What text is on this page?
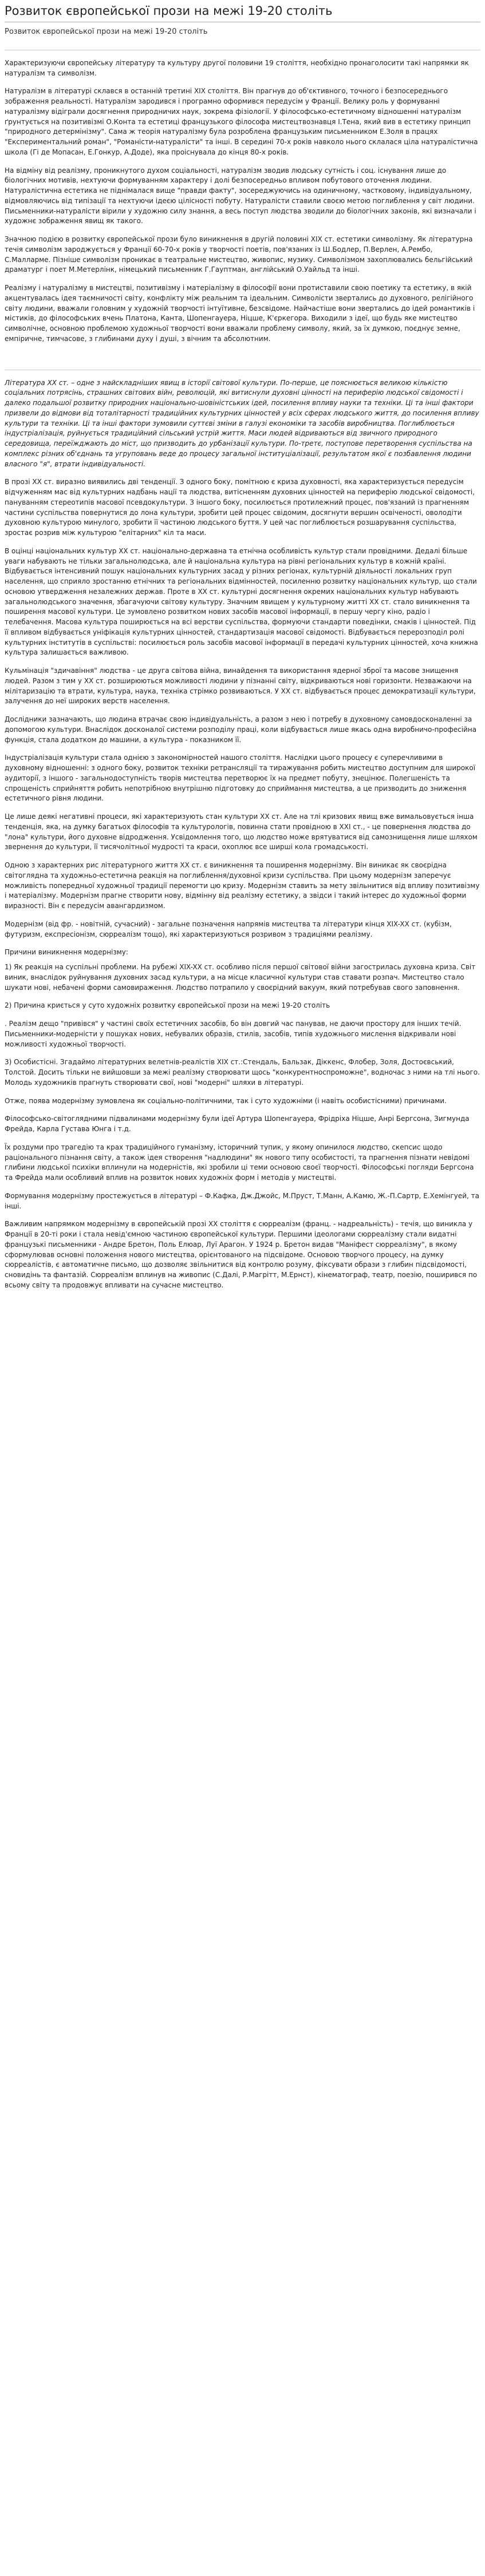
Розвиток європейської прози на межі 19-20 століть

Розвиток європейської прози на межі 19-20 століть

Характеризуючи європейську літературу та культуру другої половини 19 століття, необхідно пронаголосити такі напрямки як натуралізм та символізм.

Натуралізм в літературі склався в останній третині XIX століття. Він прагнув до об'єктивного, точного і безпосереднього зображення реальності. Натуралізм зародився і програмно оформився передусім у Франції. Велику роль у формуванні натуралізму відіграли досягнення природничих наук, зокрема фізіології. У філософсько-естетичному відношенні натуралізм ґрунтується на позитивізмі О.Конта та естетиці французького філософа мистецтвознавця І.Тена, який вив в естетику принцип "природного детермінізму". Сама ж теорія натуралізму була розроблена французьким письменником Е.Золя в працях "Експериментальний роман", "Романісти-натуралісти" та інші. В середині 70-х років навколо нього склалася ціла натуралістична школа (Гі де Мопасан, Е.Гонкур, А.Доде), яка проіснувала до кінця 80-х років.

На відміну від реалізму, проникнутого духом соціальності, натуралізм зводив людську сутність і соц. існування лише до біологічних мотивів, нехтуючи формуванням характеру і долі безпосередньо впливом побутового оточення людини. Натуралістична естетика не піднімалася вище "правди факту", зосереджуючись на одиничному, частковому, індивідуальному, відмовляючись від типізації та нехтуючи ідеєю цілісності побуту. Натуралісти ставили своєю метою поглиблення у світ людини. Письменники-натуралісти вірили у художню силу знання, а весь поступ людства зводили до біологічних законів, які визначали і художнє зображення явищ як такого.

Значною подією в розвитку європейської прози було виникнення в другій половині XIX ст. естетики символізму. Як літературна течія символізм зароджується у Франції 60-70-х років у творчості поетів, пов'язаних із Ш.Бодлер, П.Верлен, А.Рембо, С.Малларме. Пізніше символізм проникає в театральне мистецтво, живопис, музику. Символізмом захоплювались бельгійський драматург і поет М.Метерлінк, німецький письменник Г.Гауптман, англійський О.Уайльд та інші.

Реалізму і натуралізму в мистецтві, позитивізму і матеріалізму в філософії вони протиставили свою поетику та естетику, в якій акцентувалась ідея таємничості світу, конфлікту між реальним та ідеальним. Символісти звертались до духовного, релігійного світу людини, вважали головним у художній творчості інтуїтивне, безсвідоме. Найчастіше вони звертались до ідей романтиків і містиків, до філософських вчень Платона, Канта, Шопенгауера, Ніцше, К'єркегора. Виходили з ідеї, що будь яке мистецтво символічне, основною проблемою художньої творчості вони вважали проблему символу, який, за їх думкою, поєднує земне, емпіричне, тимчасове, з глибинами духу і душі, з вічним та абсолютним.

Література XX ст. – одне з найскладніших явищ в історії світової культури. По-перше, це пояснюється великою кількістю соціальних потрясінь, страшних світових війн, революцій, які витиснули духовні цінності на периферію людської свідомості і далеко подальшої розвитку природних національно-шовіністських ідей, посилення впливу науки та техніки. Ці та інші фактори призвели до відмови від тоталітарності традиційних культурних цінностей у всіх сферах людського життя, до посилення впливу культури та техніки. Ці та інші фактори зумовили суттєві зміни в галузі економіки та засобів виробництва. Поглиблюється індустріалізація, руйнується традиційний сільський устрій життя. Маси людей відриваються від звичного природного середовища, переїжджають до міст, що призводить до урбанізації культури. По-третє, поступове перетворення суспільства на комплекс різних об'єднань та угруповань веде до процесу загальної інституціалізації, результатом якої є позбавлення людини власного "я", втрати індивідуальності.

В прозі XX ст. виразно виявились дві тенденції. З одного боку, помітною є криза духовності, яка характеризується передусім відчуженням мас від культурних надбань нації та людства, витісненням духовних цінностей на периферію людської свідомості, пануванням стереотипів масової псевдокультури. З іншого боку, посилюється протилежний процес, пов'язаний із прагненням частини суспільства повернутися до лона культури, зробити цей процес свідомим, досягнути вершин освіченості, оволодіти духовною культурою минулого, зробити її частиною людського буття. У цей час поглиблюється розшарування суспільства, зростає розрив між культурою "елітарних" кіл та маси.

В оцінці національних культур XX ст. національно-державна та етнічна особливість культур стали провідними. Дедалі більше уваги набувають не тільки загальнолюдська, але й національна культура на рівні регіональних культур в кожній країні. Відбувається інтенсивний пошук національних культурних засад у різних регіонах, культурній діяльності локальних груп населення, що сприяло зростанню етнічних та регіональних відмінностей, посиленню розвитку національних культур, що стали основою утвердження незалежних держав. Проте в XX ст. культурні досягнення окремих національних культур набувають загальнолюдського значення, збагачуючи світову культуру. Значним явищем у культурному житті ХХ ст. стало виникнення та поширення масової культури. Це зумовлено розвитком нових засобів масової інформації, в першу чергу кіно, радіо і телебачення. Масова культура поширюється на всі верстви суспільства, формуючи стандарти поведінки, смаків і цінностей. Під її впливом відбувається уніфікація культурних цінностей, стандартизація масової свідомості. Відбувається перерозподіл ролі культурних інститутів в суспільстві: посилюється роль засобів масової інформації в передачі культурних цінностей, хоча книжна культура залишається важливою.

Кульмінація "здичавіння" людства - це друга світова війна, винайдення та використання ядерної зброї та масове знищення людей. Разом з тим у XX ст. розширюються можливості людини у пізнанні світу, відкриваються нові горизонти. Незважаючи на мілітаризацію та втрати, культура, наука, техніка стрімко розвиваються. У XX ст. відбувається процес демократизації культури, залучення до неї широких верств населення.

Дослідники зазначають, що людина втрачає свою індивідуальність, а разом з нею і потребу в духовному самовдосконаленні за допомогою культури. Внаслідок досконалої системи розподілу праці, коли відбувається лише якась одна виробничо-професійна функція, стала додатком до машини, а культура - показником її.

Індустріалізація культури стала однією з закономірностей нашого століття. Наслідки цього процесу є суперечливими в духовному відношенні: з одного боку, розвиток техніки ретрансляції та тиражування робить мистецтво доступним для широкої аудиторії, з іншого - загальнодоступність творів мистецтва перетворює їх на предмет побуту, знецінює. Полегшеність та спрощеність сприйняття робить непотрібною внутрішню підготовку до сприймання мистецтва, а це призводить до зниження естетичного рівня людини.

Це лише деякі негативні процеси, які характеризують стан культури XX ст. Але на тлі кризових явищ вже вимальовується інша тенденція, яка, на думку багатьох філософів та культурологів, повинна стати провідною в XXI ст., - це повернення людства до "лона" культури, його духовне відродження. Усвідомлення того, що людство може врятуватися від самознищення лише шляхом звернення до культури, її тисячолітньої мудрості та краси, охоплює все ширші кола громадськості.

Одною з характерних рис літературного життя XX ст. є виникнення та поширення модернізму. Він виникає як своєрідна світоглядна та художньо-естетична реакція на поглиблення/духовної кризи суспільства. При цьому модернізм заперечує можливість попередньої художньої традиції перемогти цю кризу. Модернізм ставить за мету звільнитися від впливу позитивізму і матеріалізму. Модернізм прагне створити нову, відмінну від реалізму естетику, а звідси і такий інтерес до художньої форми виразності. Він є передусім авангардизмом.

Модернізм (від фр. - новітній, сучасний) - загальне позначення напрямів мистецтва та літератури кінця XIX-XX ст. (кубізм, футуризм, експресіонізм, сюрреалізм тощо), які характеризуються розривом з традиціями реалізму.

Причини виникнення модернізму:

1) Як реакція на суспільні проблеми. На рубежі XIX-XX ст. особливо після першої світової війни загострилась духовна криза. Світ виник, внаслідок руйнування духовних засад культури, а на місце класичної культури став ставати розпач. Мистецтво стало шукати нові, небачені форми самовираження. Людство потрапило у своєрідний вакуум, який потребував свого заповнення.

2) Причина криється у суто художніх розвитку європейської прози на межі 19-20 століть

. Реалізм дещо "привівся" у частині своїх естетичних засобів, бо він довгий час панував, не даючи простору для інших течій. Письменники-модерністи у пошуках нових, небувалих образів, стилів, засобів, типів художнього мислення відкривали нові можливості художньої творчості.

3) Особистісні. Згадаймо літературних велетнів-реалістів XIX ст.:Стендаль, Бальзак, Діккенс, Флобер, Золя, Достоєвський, Толстой. Досить тільки не вийшовши за межі реалізму створювати щось "конкурентноспроможне", водночас з ними на тлі нього. Молодь художників прагнуть створювати свої, нові "модерні" шляхи в літературі.

Отже, поява модернізму зумовлена як соціально-політичними, так і суто художніми (і навіть особистісними) причинами.

Філософсько-світоглядними підвалинами модернізму були ідеї Артура Шопенгауера, Фрідріха Ніцше, Анрі Бергсона, Зигмунда Фрейда, Карла Густава Юнга і т.д.

Їх роздуми про трагедію та крах традиційного гуманізму, історичний тупик, у якому опинилося людство, скепсис щодо раціонального пізнання світу, а також ідея створення "надлюдини" як нового типу особистості, та прагнення пізнати невідомі глибини людської психіки вплинули на модерністів, які зробили ці теми основою своєї творчості. Філософські погляди Бергсона та Фрейда мали особливий вплив на розвиток нових художніх форм і методів у мистецтві.

Формування модернізму простежується в літературі – Ф.Кафка, Дж.Джойс, М.Пруст, Т.Манн, А.Камю, Ж.-П.Сартр, Е.Хемінгуей, та інші.

Важливим напрямком модернізму в європейській прозі XX століття є сюрреалізм (франц. - надреальність) - течія, що виникла у Франції в 20-ті роки і стала невід'ємною частиною європейської культури. Першими ідеологами сюрреалізму стали видатні французькі письменники - Андре Бретон, Поль Елюар, Луї Арагон. У 1924 р. Бретон видав "Маніфест сюрреалізму", в якому сформулював основні положення нового мистецтва, орієнтованого на підсвідоме. Основою творчого процесу, на думку сюрреалістів, є автоматичне письмо, що дозволяє звільнитися від контролю розуму, фіксувати образи з глибин підсвідомості, сновидінь та фантазій. Сюрреалізм вплинув на живопис (С.Далі, Р.Магрітт, М.Ернст), кінематограф, театр, поезію, поширився по всьому світу та продовжує впливати на сучасне мистецтво.
